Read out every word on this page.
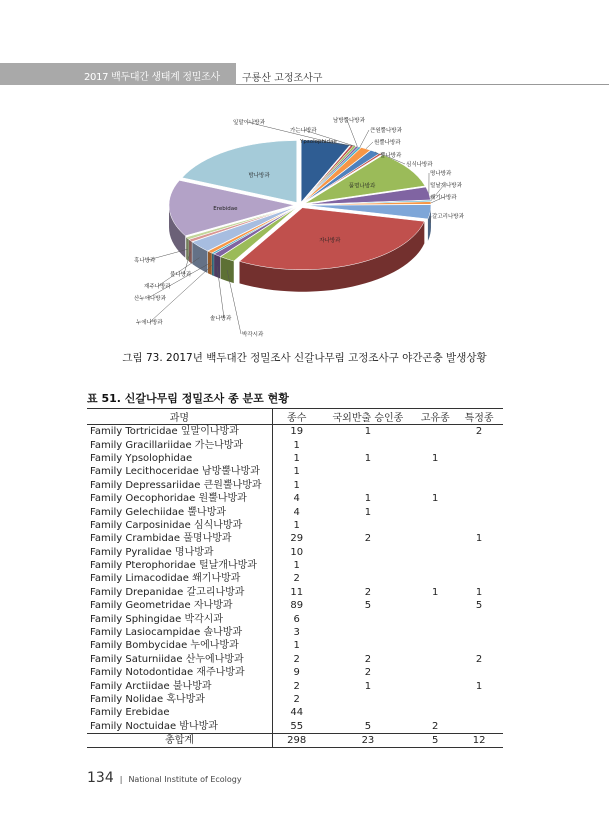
2017 백두대간 생태계 정밀조사 구룡산 고정조사구
잎말이나방과
가는나방과
Ypsolophidae
남방뿔나방과
큰원뿔나방과
원뿔나방과
뿔나방과
심식나방과
풀명나방과
명나방과
털날개나방과
쐐기나방과
갈고리나방과
자나방과
박각시과
솔나방과
누에나방과
산누에나방과
재주나방과
불나방과
혹나방과
Erebidae
밤나방과
그림 73. 2017년 백두대간 정밀조사 신갈나무림 고정조사구 야간곤충 발생상황
표 51. 신갈나무림 정밀조사 종 분포 현황
과명	종수	국외반출 승인종	고유종	특정종
Family Tortricidae 잎말이나방과	19	1		2
Family Gracillariidae 가는나방과	1			
Family Ypsolophidae	1	1	1	
Family Lecithoceridae 남방뿔나방과	1			
Family Depressariidae 큰원뿔나방과	1			
Family Oecophoridae 원뿔나방과	4	1	1	
Family Gelechiidae 뿔나방과	4	1		
Family Carposinidae 심식나방과	1			
Family Crambidae 풀명나방과	29	2		1
Family Pyralidae 명나방과	10			
Family Pterophoridae 털날개나방과	1			
Family Limacodidae 쐐기나방과	2			
Family Drepanidae 갈고리나방과	11	2	1	1
Family Geometridae 자나방과	89	5		5
Family Sphingidae 박각시과	6			
Family Lasiocampidae 솔나방과	3			
Family Bombycidae 누에나방과	1			
Family Saturniidae 산누에나방과	2	2		2
Family Notodontidae 재주나방과	9	2		
Family Arctiidae 불나방과	2	1		1
Family Nolidae 혹나방과	2			
Family Erebidae	44			
Family Noctuidae 밤나방과	55	5	2	
총합계	298	23	5	12
134 | National Institute of Ecology
